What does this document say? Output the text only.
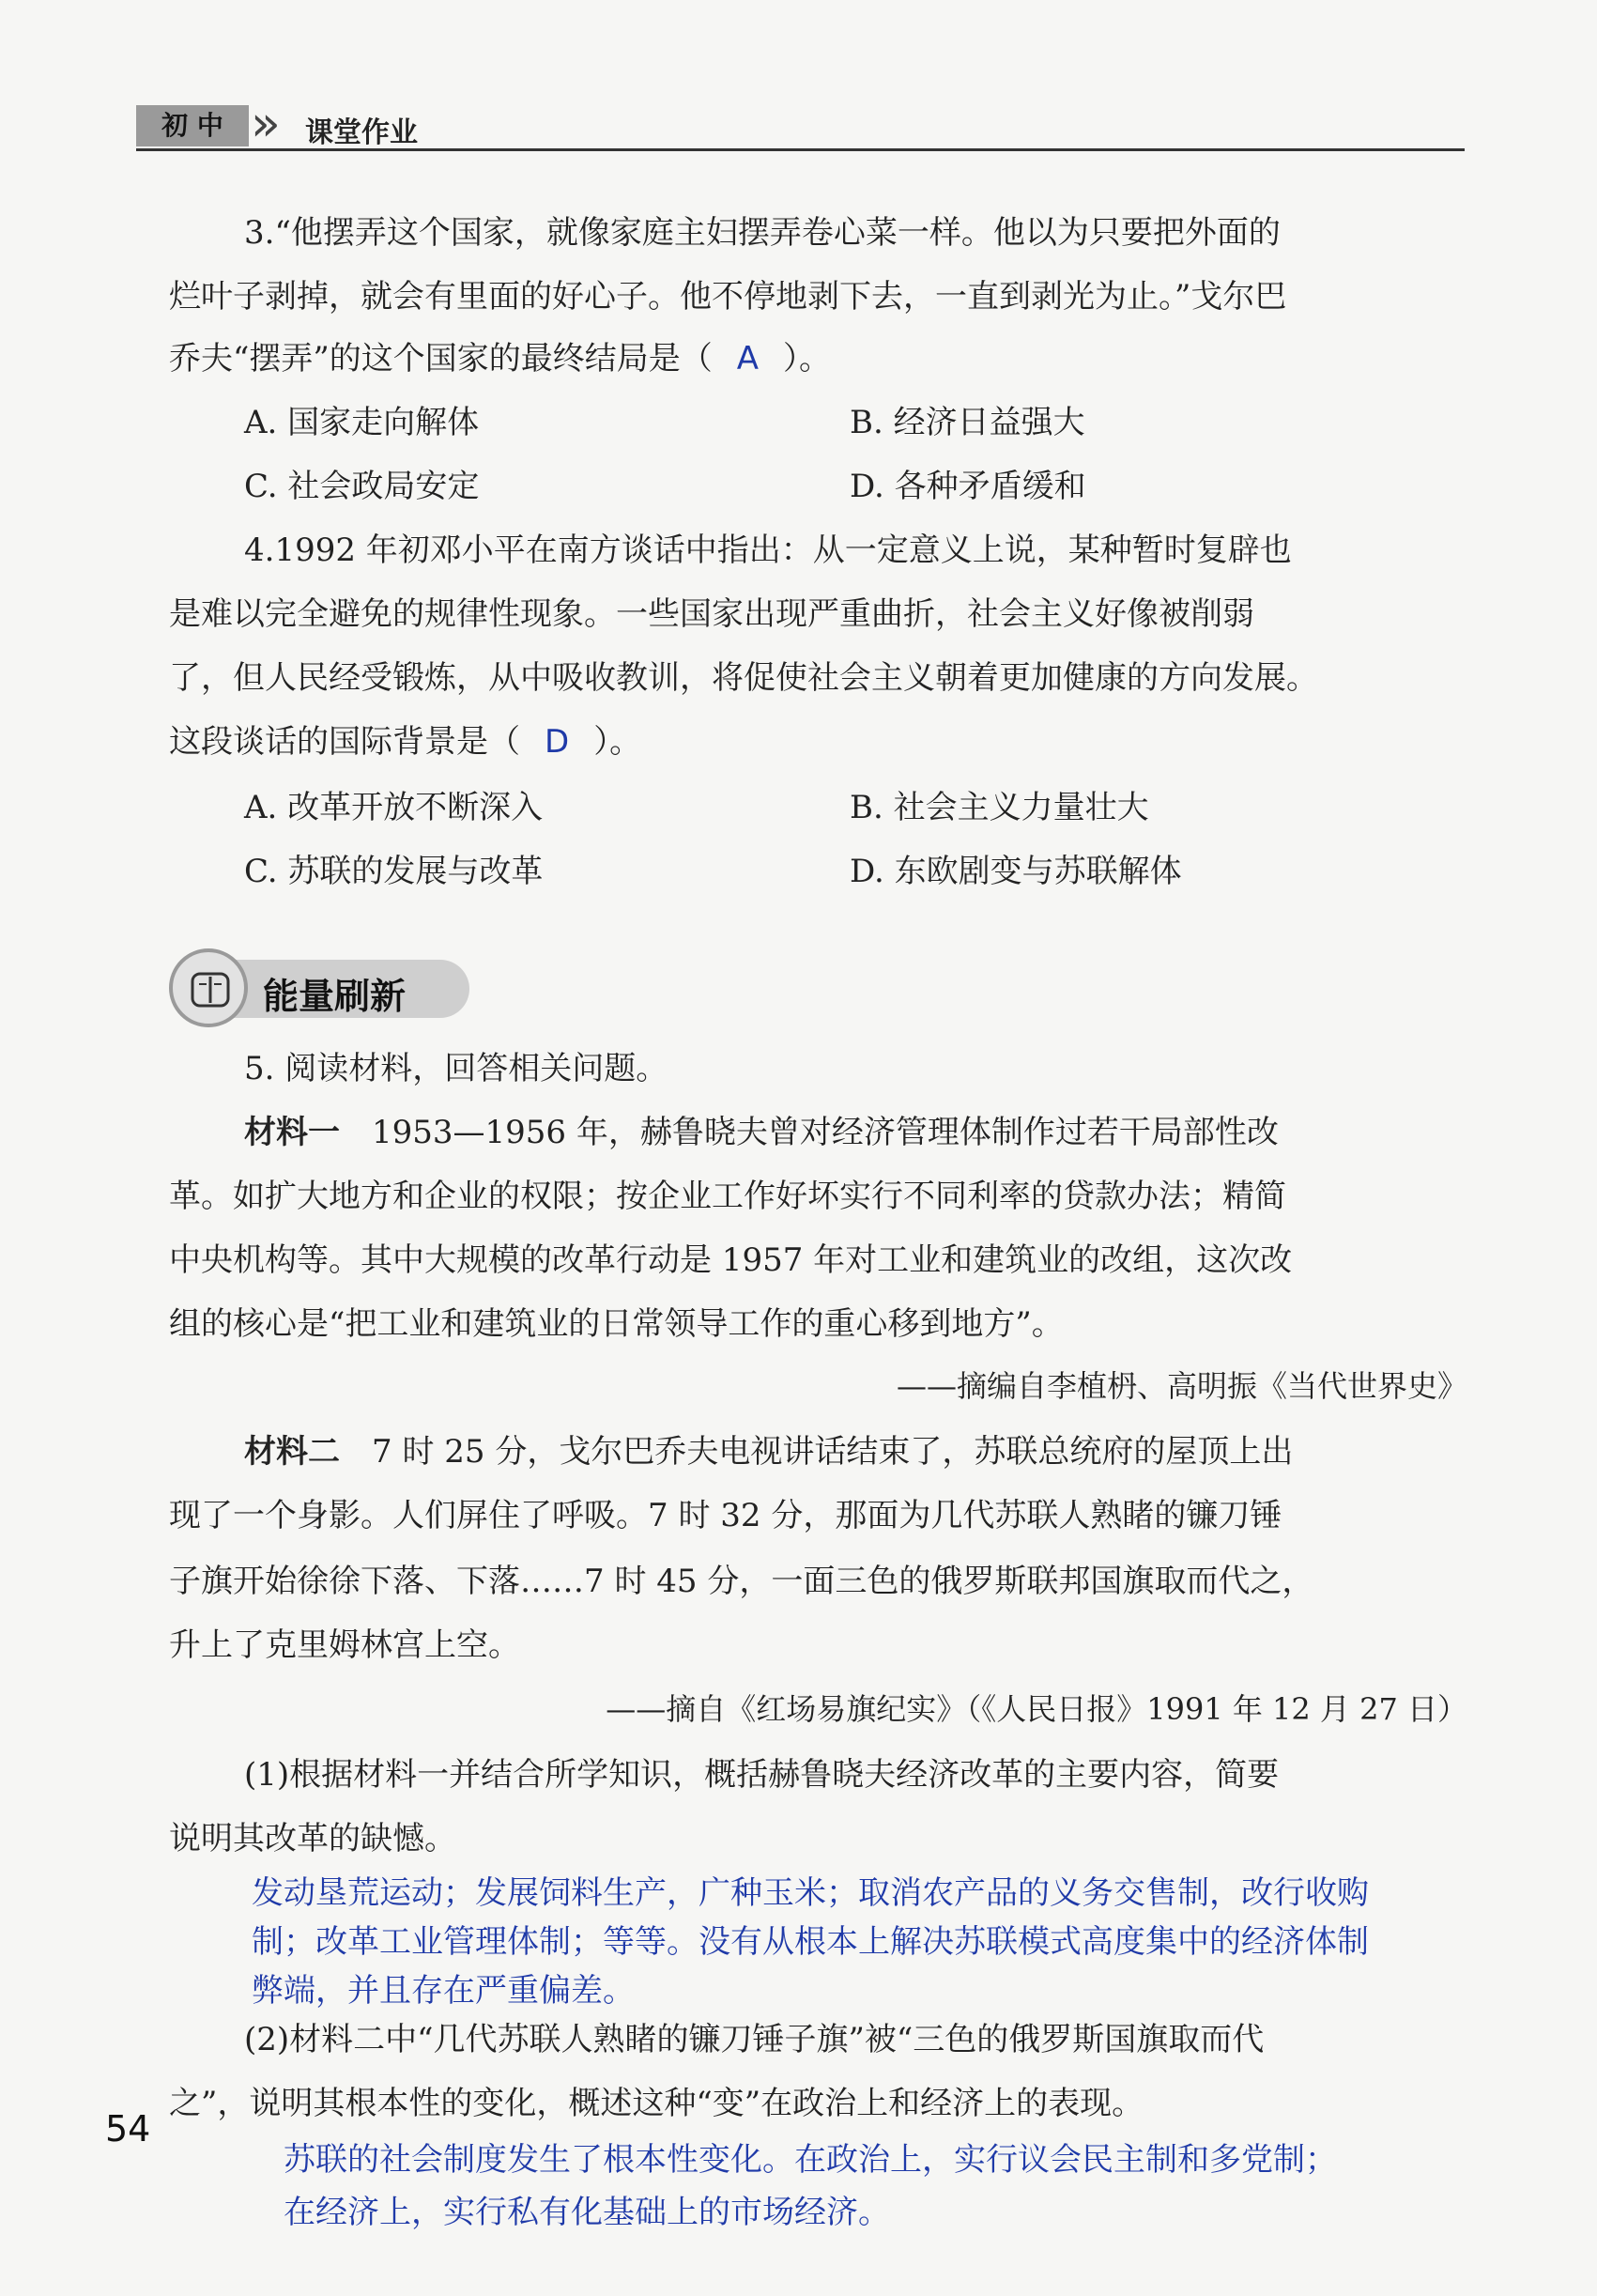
初 中 » 课堂作业
3.“他摆弄这个国家，就像家庭主妇摆弄卷心菜一样。他以为只要把外面的
烂叶子剥掉，就会有里面的好心子。他不停地剥下去，一直到剥光为止。”戈尔巴
乔夫“摆弄”的这个国家的最终结局是（ A ）。
A. 国家走向解体	B. 经济日益强大
C. 社会政局安定	D. 各种矛盾缓和
4.1992 年初邓小平在南方谈话中指出：从一定意义上说，某种暂时复辟也
是难以完全避免的规律性现象。一些国家出现严重曲折，社会主义好像被削弱
了，但人民经受锻炼，从中吸收教训，将促使社会主义朝着更加健康的方向发展。
这段谈话的国际背景是（ D ）。
A. 改革开放不断深入	B. 社会主义力量壮大
C. 苏联的发展与改革	D. 东欧剧变与苏联解体
能量刷新
5. 阅读材料，回答相关问题。
材料一 1953—1956 年，赫鲁晓夫曾对经济管理体制作过若干局部性改
革。如扩大地方和企业的权限；按企业工作好坏实行不同利率的贷款办法；精简
中央机构等。其中大规模的改革行动是 1957 年对工业和建筑业的改组，这次改
组的核心是“把工业和建筑业的日常领导工作的重心移到地方”。
——摘编自李植枬、高明振《当代世界史》
材料二 7 时 25 分，戈尔巴乔夫电视讲话结束了，苏联总统府的屋顶上出
现了一个身影。人们屏住了呼吸。7 时 32 分，那面为几代苏联人熟睹的镰刀锤
子旗开始徐徐下落、下落……7 时 45 分，一面三色的俄罗斯联邦国旗取而代之，
升上了克里姆林宫上空。
——摘自《红场易旗纪实》（《人民日报》1991 年 12 月 27 日）
(1)根据材料一并结合所学知识，概括赫鲁晓夫经济改革的主要内容，简要
说明其改革的缺憾。
发动垦荒运动；发展饲料生产，广种玉米；取消农产品的义务交售制，改行收购
制；改革工业管理体制；等等。没有从根本上解决苏联模式高度集中的经济体制
弊端，并且存在严重偏差。
(2)材料二中“几代苏联人熟睹的镰刀锤子旗”被“三色的俄罗斯国旗取而代
之”，说明其根本性的变化，概述这种“变”在政治上和经济上的表现。
苏联的社会制度发生了根本性变化。在政治上，实行议会民主制和多党制；
在经济上，实行私有化基础上的市场经济。
54
